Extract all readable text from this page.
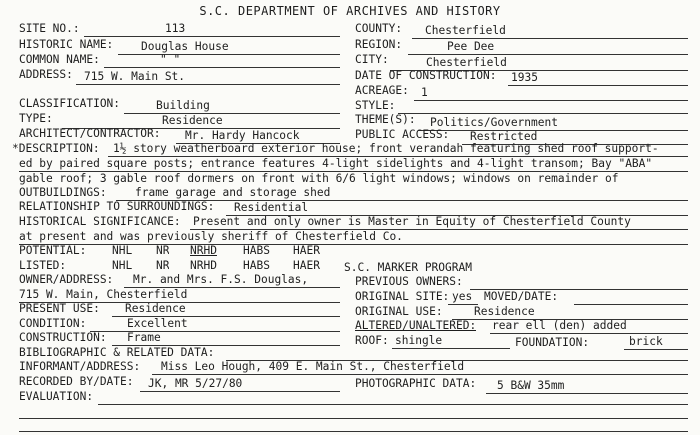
S.C. DEPARTMENT OF ARCHIVES AND HISTORY
SITE NO.:	113	COUNTY: Chesterfield
HISTORIC NAME: Douglas House	REGION:	Pee Dee
COMMON NAME:	" "	CITY:	Chesterfield
ADDRESS: 715 W. Main St.	DATE OF CONSTRUCTION: 1935
ACREAGE: 1
CLASSIFICATION:	Building	STYLE:
TYPE:	Residence	THEME(S): Politics/Government
ARCHITECT/CONTRACTOR: Mr. Hardy Hancock	PUBLIC ACCESS: Restricted
*DESCRIPTION: 1½ story weatherboard exterior house; front verandah featuring shed roof support-
ed by paired square posts; entrance features 4-light sidelights and 4-light transom; Bay "ABA"
gable roof; 3 gable roof dormers on front with 6/6 light windows; windows on remainder of
OUTBUILDINGS:	frame garage and storage shed
RELATIONSHIP TO SURROUNDINGS: Residential
HISTORICAL SIGNIFICANCE: Present and only owner is Master in Equity of Chesterfield County
at present and was previously sheriff of Chesterfield Co.
POTENTIAL: NHL NR NRHD HABS HAER
LISTED:	NHL NR NRHD HABS HAER S.C. MARKER PROGRAM
OWNER/ADDRESS: Mr. and Mrs. F.S. Douglas,
715 W. Main, Chesterfield
PREVIOUS OWNERS:
ORIGINAL SITE: yes MOVED/DATE:
PRESENT USE: Residence	ORIGINAL USE:	Residence
CONDITION:	Excellent	ALTERED/UNALTERED: rear ell (den) added
CONSTRUCTION: Frame	ROOF: shingle	FOUNDATION:	brick
BIBLIOGRAPHIC & RELATED DATA:
INFORMANT/ADDRESS: Miss Leo Hough, 409 E. Main St., Chesterfield
RECORDED BY/DATE: JK, MR 5/27/80	PHOTOGRAPHIC DATA: 5 B&W 35mm
EVALUATION:
